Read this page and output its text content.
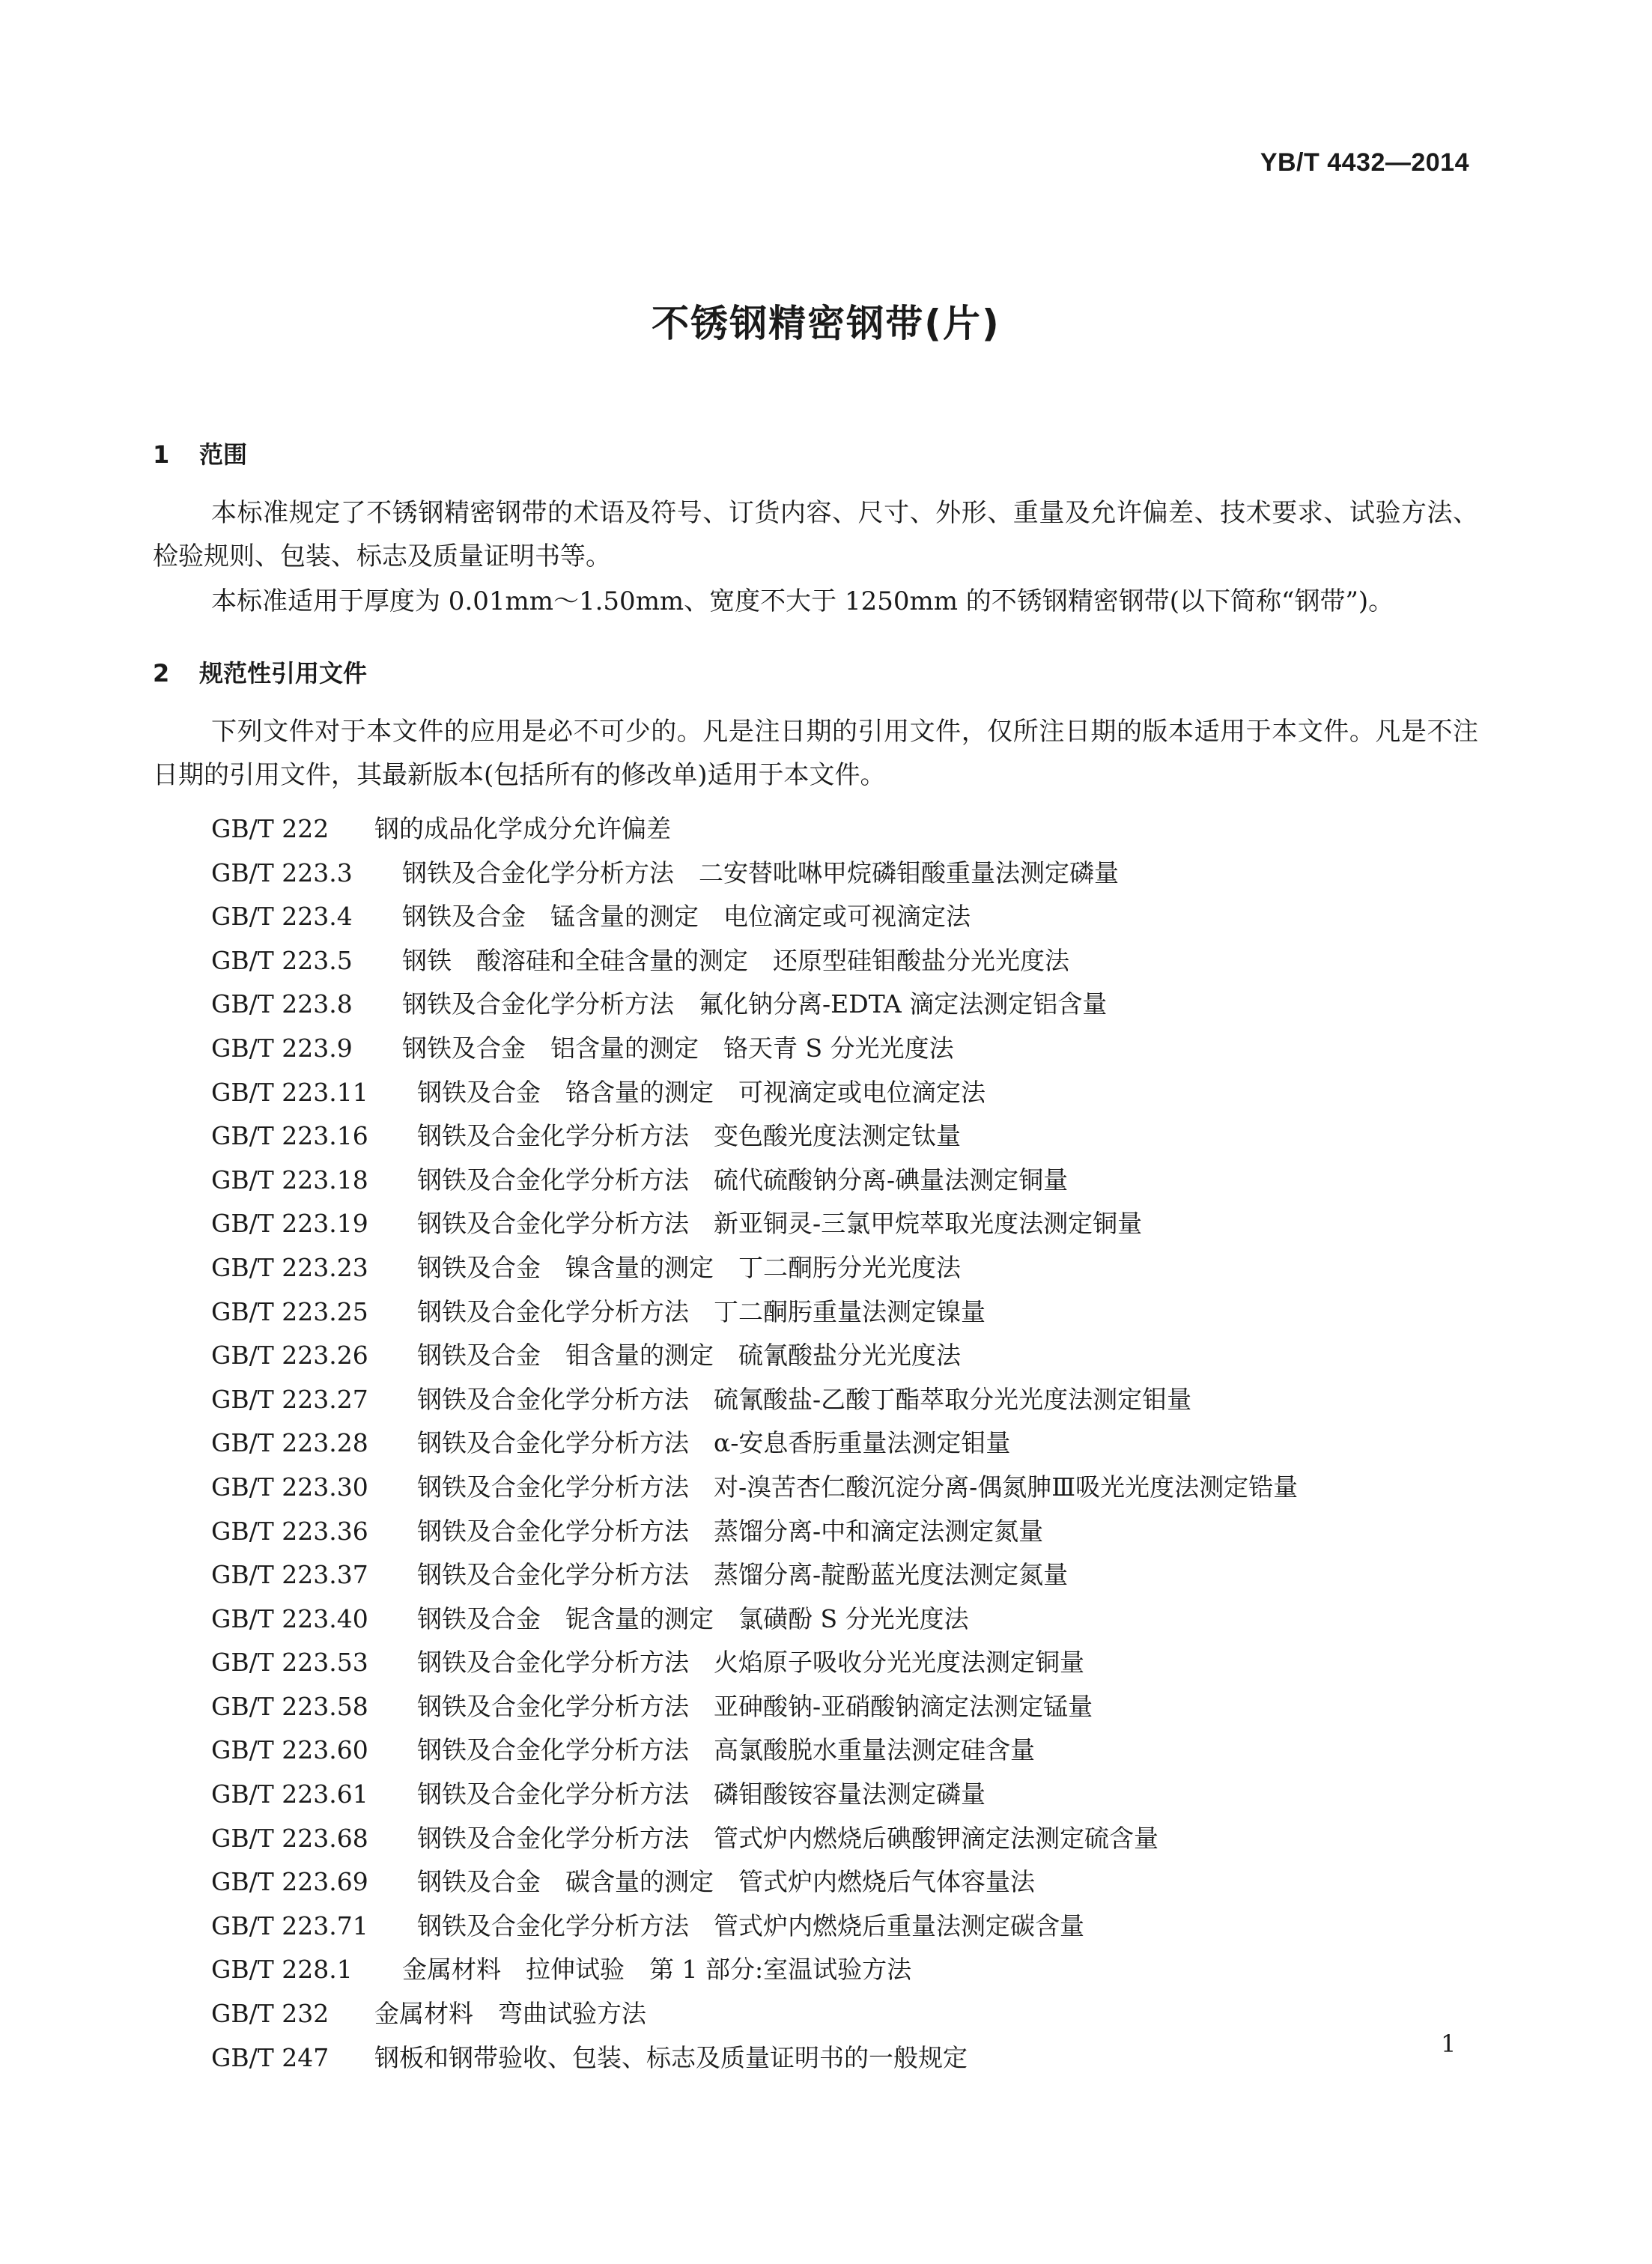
YB/T 4432—2014
不锈钢精密钢带(片)
1 范围
本标准规定了不锈钢精密钢带的术语及符号、订货内容、尺寸、外形、重量及允许偏差、技术要求、试验方法、检验规则、包装、标志及质量证明书等。
本标准适用于厚度为 0.01mm～1.50mm、宽度不大于 1250mm 的不锈钢精密钢带(以下简称“钢带”)。
2 规范性引用文件
下列文件对于本文件的应用是必不可少的。凡是注日期的引用文件，仅所注日期的版本适用于本文件。凡是不注日期的引用文件，其最新版本(包括所有的修改单)适用于本文件。
GB/T 222 钢的成品化学成分允许偏差
GB/T 223.3 钢铁及合金化学分析方法　二安替吡啉甲烷磷钼酸重量法测定磷量
GB/T 223.4 钢铁及合金　锰含量的测定　电位滴定或可视滴定法
GB/T 223.5 钢铁　酸溶硅和全硅含量的测定　还原型硅钼酸盐分光光度法
GB/T 223.8 钢铁及合金化学分析方法　氟化钠分离-EDTA 滴定法测定铝含量
GB/T 223.9 钢铁及合金　铝含量的测定　铬天青 S 分光光度法
GB/T 223.11 钢铁及合金　铬含量的测定　可视滴定或电位滴定法
GB/T 223.16 钢铁及合金化学分析方法　变色酸光度法测定钛量
GB/T 223.18 钢铁及合金化学分析方法　硫代硫酸钠分离-碘量法测定铜量
GB/T 223.19 钢铁及合金化学分析方法　新亚铜灵-三氯甲烷萃取光度法测定铜量
GB/T 223.23 钢铁及合金　镍含量的测定　丁二酮肟分光光度法
GB/T 223.25 钢铁及合金化学分析方法　丁二酮肟重量法测定镍量
GB/T 223.26 钢铁及合金　钼含量的测定　硫氰酸盐分光光度法
GB/T 223.27 钢铁及合金化学分析方法　硫氰酸盐-乙酸丁酯萃取分光光度法测定钼量
GB/T 223.28 钢铁及合金化学分析方法　α-安息香肟重量法测定钼量
GB/T 223.30 钢铁及合金化学分析方法　对-溴苦杏仁酸沉淀分离-偶氮胂Ⅲ吸光光度法测定锆量
GB/T 223.36 钢铁及合金化学分析方法　蒸馏分离-中和滴定法测定氮量
GB/T 223.37 钢铁及合金化学分析方法　蒸馏分离-靛酚蓝光度法测定氮量
GB/T 223.40 钢铁及合金　铌含量的测定　氯磺酚 S 分光光度法
GB/T 223.53 钢铁及合金化学分析方法　火焰原子吸收分光光度法测定铜量
GB/T 223.58 钢铁及合金化学分析方法　亚砷酸钠-亚硝酸钠滴定法测定锰量
GB/T 223.60 钢铁及合金化学分析方法　高氯酸脱水重量法测定硅含量
GB/T 223.61 钢铁及合金化学分析方法　磷钼酸铵容量法测定磷量
GB/T 223.68 钢铁及合金化学分析方法　管式炉内燃烧后碘酸钾滴定法测定硫含量
GB/T 223.69 钢铁及合金　碳含量的测定　管式炉内燃烧后气体容量法
GB/T 223.71 钢铁及合金化学分析方法　管式炉内燃烧后重量法测定碳含量
GB/T 228.1 金属材料　拉伸试验　第 1 部分:室温试验方法
GB/T 232 金属材料　弯曲试验方法
GB/T 247 钢板和钢带验收、包装、标志及质量证明书的一般规定	1
